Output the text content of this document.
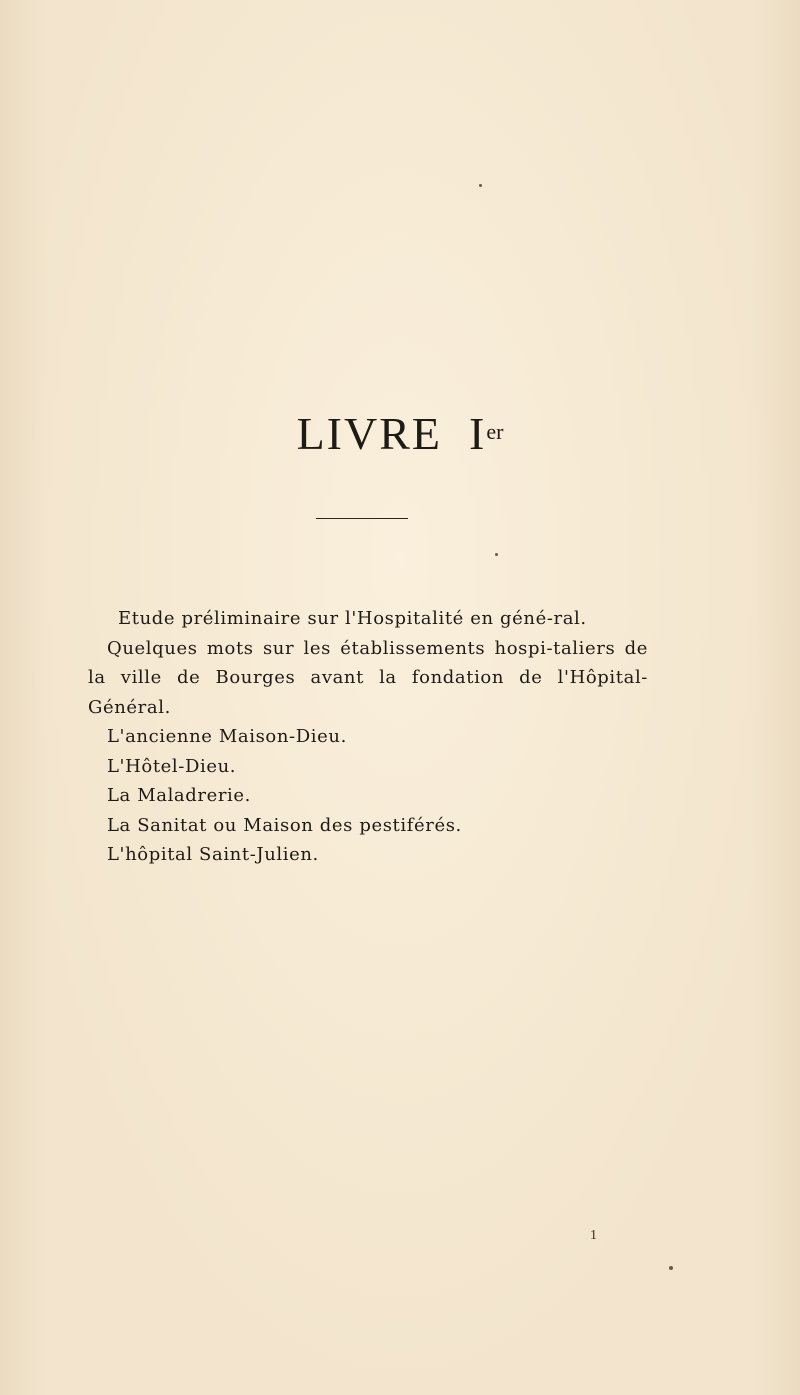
LIVRE Ier

Etude préliminaire sur l'Hospitalité en géné-ral.

Quelques mots sur les établissements hospi-taliers de la ville de Bourges avant la fondation de l'Hôpital-Général.

L'ancienne Maison-Dieu.

L'Hôtel-Dieu.

La Maladrerie.

La Sanitat ou Maison des pestiférés.

L'hôpital Saint-Julien.

1
